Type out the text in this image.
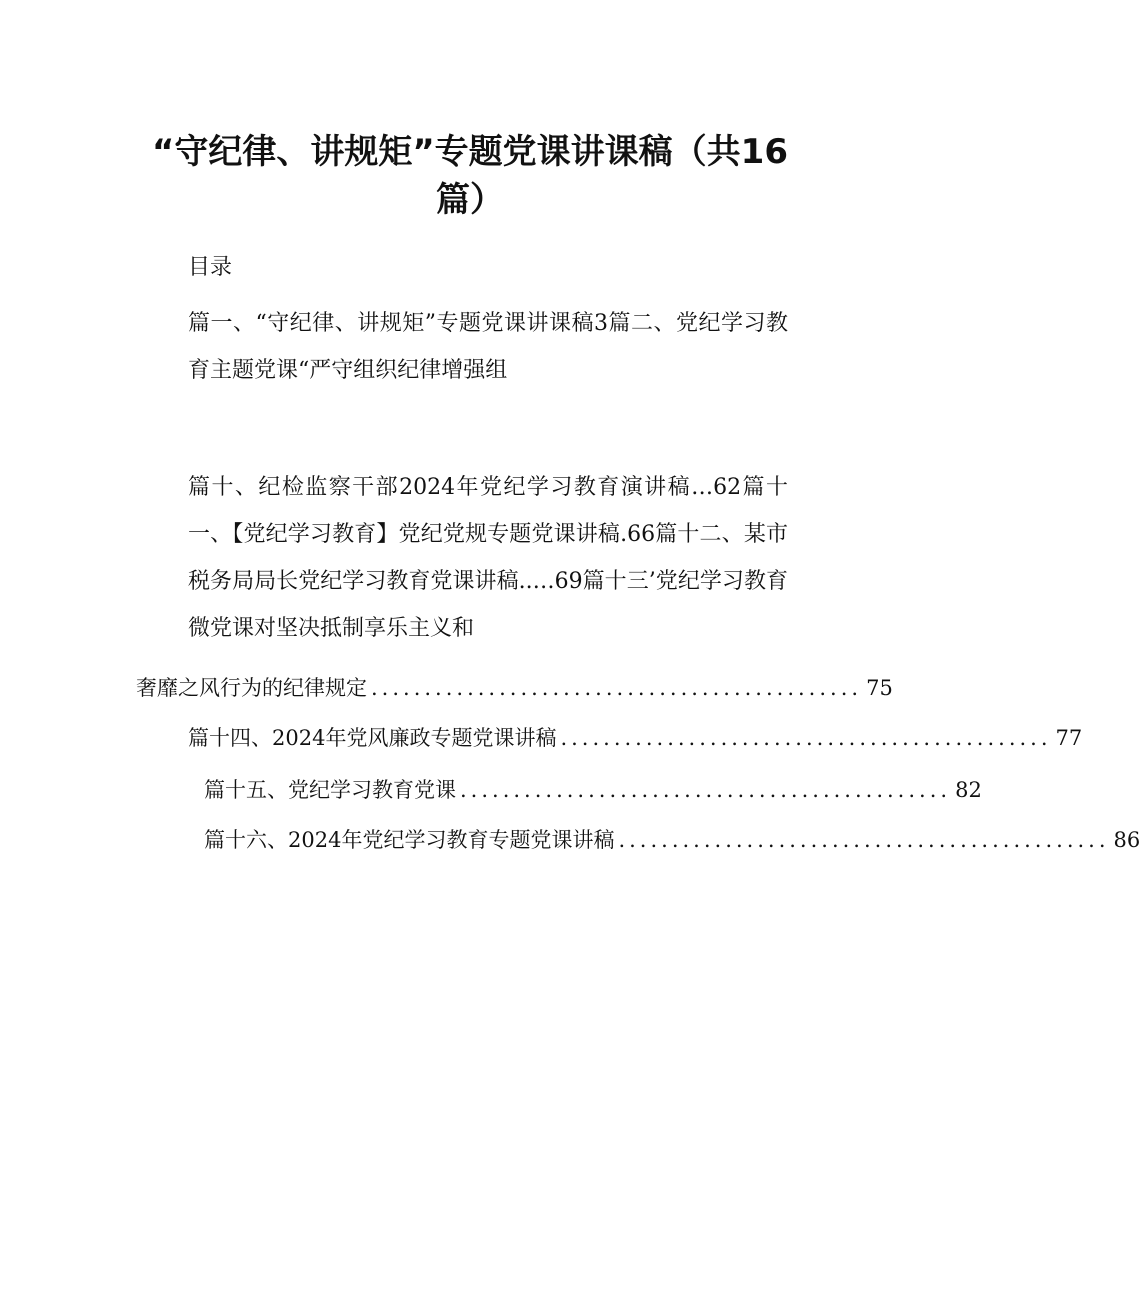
“守纪律、讲规矩”专题党课讲课稿（共16篇）
目录

篇一、“守纪律、讲规矩”专题党课讲课稿3篇二、党纪学习教育主题党课“严守组织纪律增强组

篇十、纪检监察干部2024年党纪学习教育演讲稿…62篇十一、【党纪学习教育】党纪党规专题党课讲稿.66篇十二、某市税务局局长党纪学习教育党课讲稿..…69篇十三’党纪学习教育微党课对坚决抵制享乐主义和

奢靡之风行为的纪律规定 .............................................. 75
篇十四、2024年党风廉政专题党课讲稿 .............................................. 77
篇十五、党纪学习教育党课 .............................................. 82
篇十六、2024年党纪学习教育专题党课讲稿 .............................................. 86
